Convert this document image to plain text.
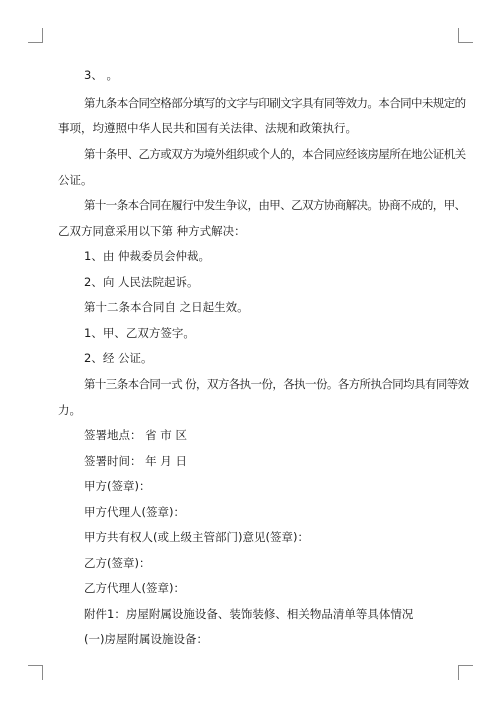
3、 。
第九条本合同空格部分填写的文字与印刷文字具有同等效力。本合同中未规定的
事项，均遵照中华人民共和国有关法律、法规和政策执行。
第十条甲、乙方或双方为境外组织或个人的，本合同应经该房屋所在地公证机关
公证。
第十一条本合同在履行中发生争议，由甲、乙双方协商解决。协商不成的，甲、
乙双方同意采用以下第 种方式解决：
1、由 仲裁委员会仲裁。
2、向 人民法院起诉。
第十二条本合同自 之日起生效。
1、甲、乙双方签字。
2、经 公证。
第十三条本合同一式 份，双方各执一份，各执一份。各方所执合同均具有同等效
力。
签署地点： 省 市 区
签署时间： 年 月 日
甲方(签章)：
甲方代理人(签章)：
甲方共有权人(或上级主管部门)意见(签章)：
乙方(签章)：
乙方代理人(签章)：
附件1：房屋附属设施设备、装饰装修、相关物品清单等具体情况
(一)房屋附属设施设备：
